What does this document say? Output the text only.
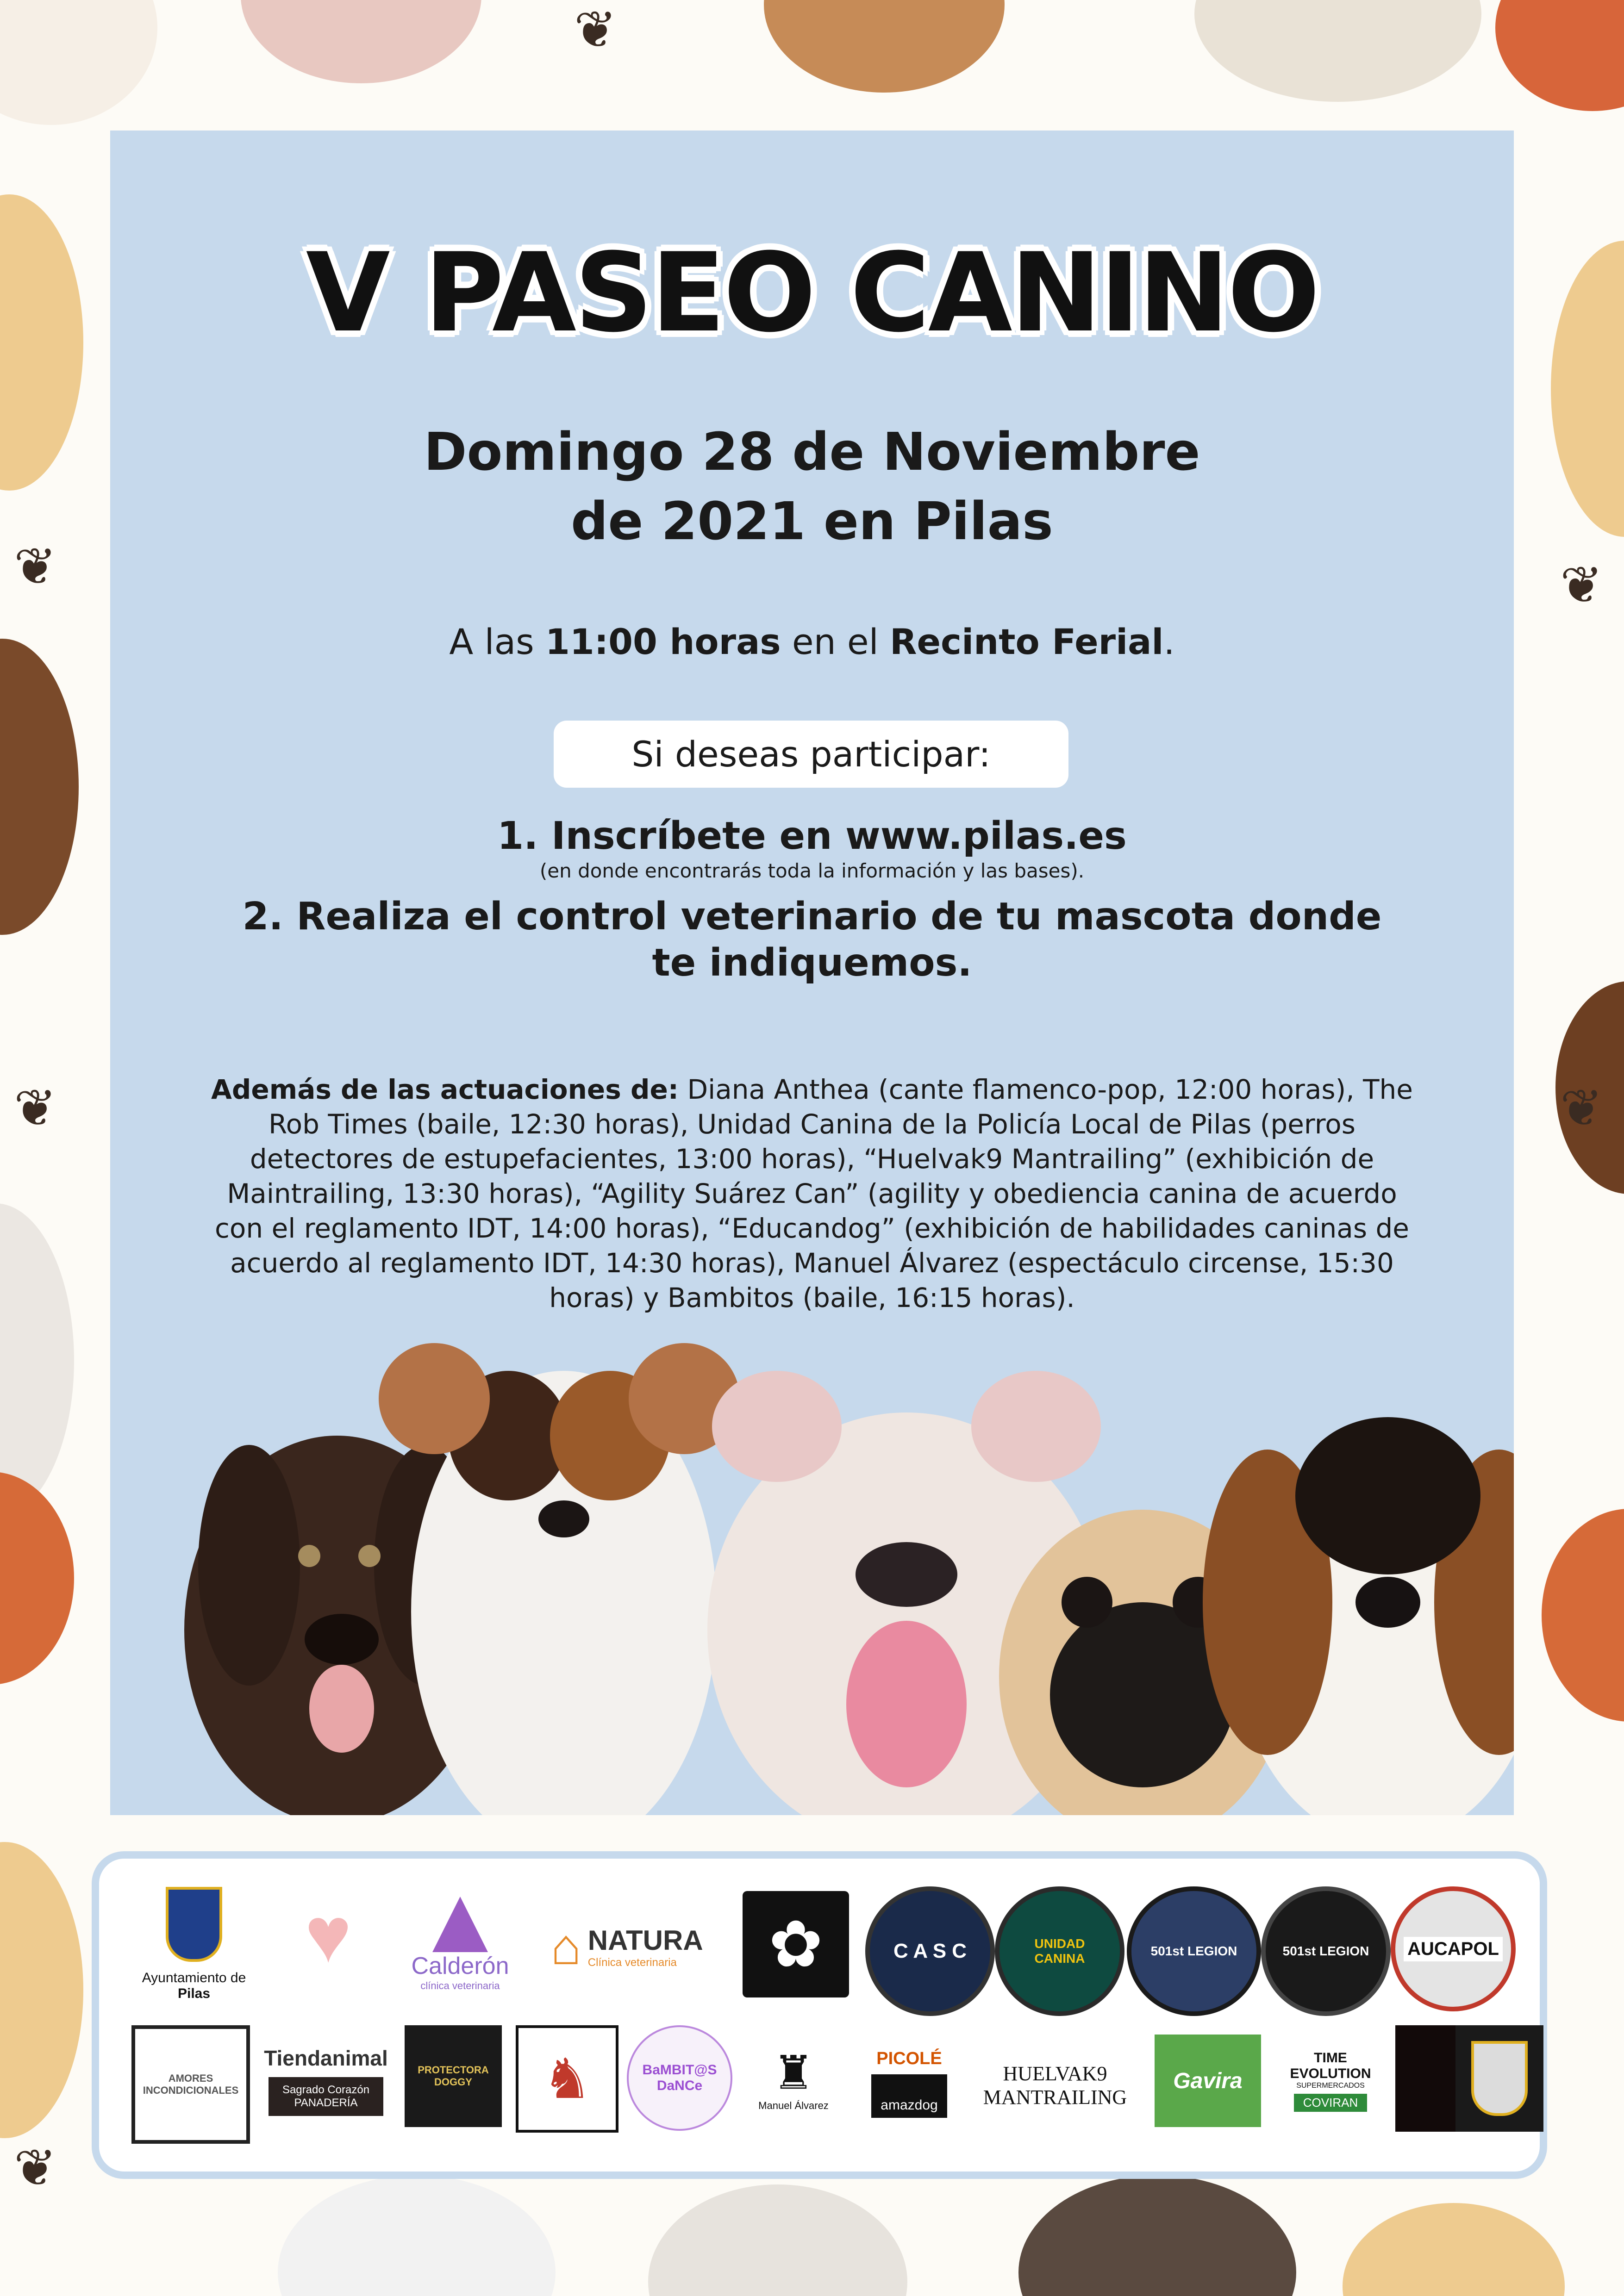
❦
❦
❦
❦
❦
❦
V PASEO CANINO
Domingo 28 de Noviembre
de 2021 en Pilas
A las 11:00 horas en el Recinto Ferial.
Si deseas participar:
1. Inscríbete en www.pilas.es
(en donde encontrarás toda la información y las bases).
2. Realiza el control veterinario de tu mascota donde te indiquemos.
Además de las actuaciones de: Diana Anthea (cante flamenco-pop, 12:00 horas), The Rob Times (baile, 12:30 horas), Unidad Canina de la Policía Local de Pilas (perros detectores de estupefacientes, 13:00 horas), “Huelvak9 Mantrailing” (exhibición de Maintrailing, 13:30 horas), “Agility Suárez Can” (agility y obediencia canina de acuerdo con el reglamento IDT, 14:00 horas), “Educandog” (exhibición de habilidades caninas de acuerdo al reglamento IDT, 14:30 horas), Manuel Álvarez (espectáculo circense, 15:30 horas) y Bambitos (baile, 16:15 horas).
Ayuntamiento de Pilas
♥ Calderón
clínica veterinaria
⌂ NATURA
Clínica veterinaria	✿	C A S C	UNIDAD CANINA
501st LEGION	501st LEGION AUCAPOL
AMORES INCONDICIONALES
Tiendanimal
Sagrado Corazón PANADERÍA
PROTECTORA DOGGY	♞	BaMBIT@S DaNCe	♜
Manuel Álvarez
PICOLÉ
amazdog
HUELVAK9
MANTRAILING
Gavira
TIME EVOLUTION
SUPERMERCADOS
COVIRAN
